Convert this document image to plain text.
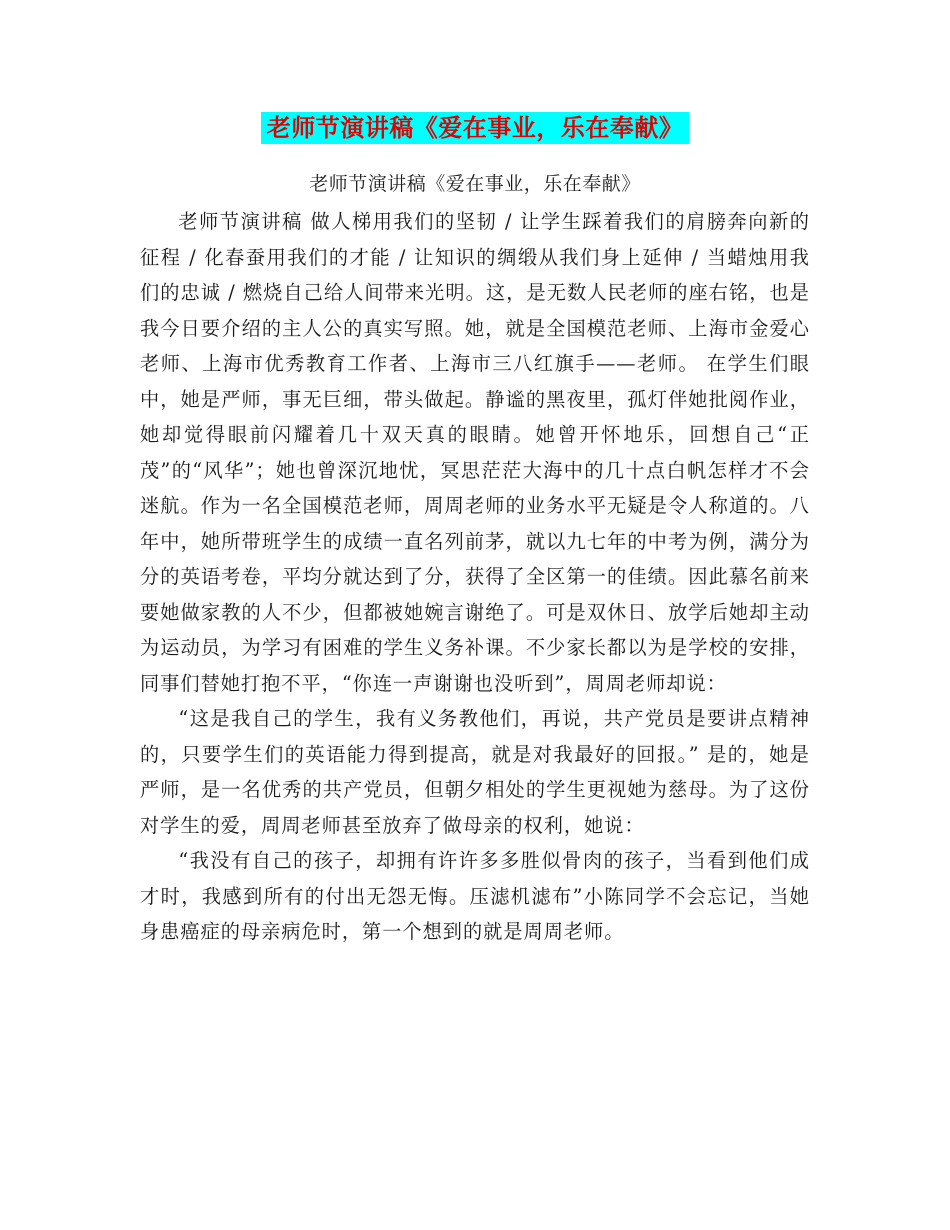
老师节演讲稿《爱在事业，乐在奉献》
老师节演讲稿《爱在事业，乐在奉献》

老师节演讲稿 做人梯用我们的坚韧 / 让学生踩着我们的肩膀奔向新的征程 / 化春蚕用我们的才能 / 让知识的绸缎从我们身上延伸 / 当蜡烛用我们的忠诚 / 燃烧自己给人间带来光明。这，是无数人民老师的座右铭，也是我今日要介绍的主人公的真实写照。她，就是全国模范老师、上海市金爱心老师、上海市优秀教育工作者、上海市三八红旗手——老师。 在学生们眼中，她是严师，事无巨细，带头做起。静谧的黑夜里，孤灯伴她批阅作业，她却觉得眼前闪耀着几十双天真的眼睛。她曾开怀地乐，回想自己“正茂”的“风华”；她也曾深沉地忧，冥思茫茫大海中的几十点白帆怎样才不会迷航。作为一名全国模范老师，周周老师的业务水平无疑是令人称道的。八年中，她所带班学生的成绩一直名列前茅，就以九七年的中考为例，满分为分的英语考卷，平均分就达到了分，获得了全区第一的佳绩。因此慕名前来要她做家教的人不少，但都被她婉言谢绝了。可是双休日、放学后她却主动为运动员，为学习有困难的学生义务补课。不少家长都以为是学校的安排，同事们替她打抱不平，“你连一声谢谢也没听到”，周周老师却说：

“这是我自己的学生，我有义务教他们，再说，共产党员是要讲点精神的，只要学生们的英语能力得到提高，就是对我最好的回报。” 是的，她是严师，是一名优秀的共产党员，但朝夕相处的学生更视她为慈母。为了这份对学生的爱，周周老师甚至放弃了做母亲的权利，她说：

“我没有自己的孩子，却拥有许许多多胜似骨肉的孩子，当看到他们成才时，我感到所有的付出无怨无悔。压滤机滤布”小陈同学不会忘记，当她身患癌症的母亲病危时，第一个想到的就是周周老师。
